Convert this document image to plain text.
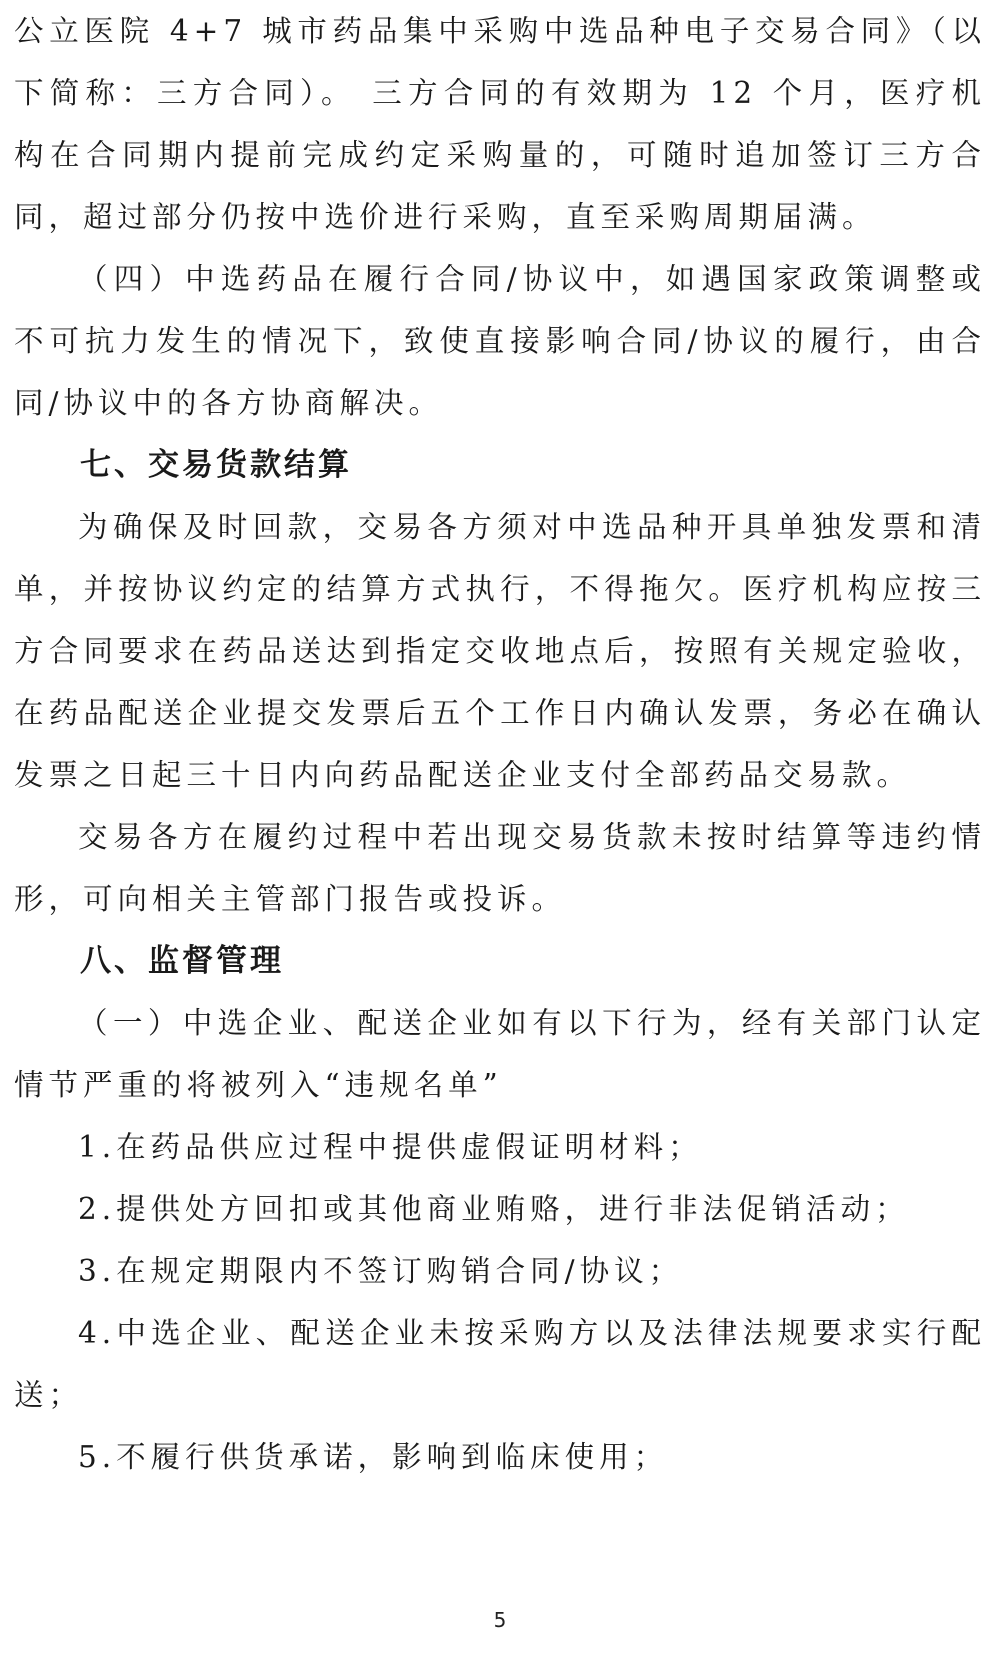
公立医院 4+7 城市药品集中采购中选品种电子交易合同》（以下简称：三方合同）。 三方合同的有效期为 12 个月，医疗机构在合同期内提前完成约定采购量的，可随时追加签订三方合同，超过部分仍按中选价进行采购，直至采购周期届满。

（四）中选药品在履行合同/协议中，如遇国家政策调整或不可抗力发生的情况下，致使直接影响合同/协议的履行，由合同/协议中的各方协商解决。

七、交易货款结算

为确保及时回款，交易各方须对中选品种开具单独发票和清单，并按协议约定的结算方式执行，不得拖欠。医疗机构应按三方合同要求在药品送达到指定交收地点后，按照有关规定验收，在药品配送企业提交发票后五个工作日内确认发票，务必在确认发票之日起三十日内向药品配送企业支付全部药品交易款。

交易各方在履约过程中若出现交易货款未按时结算等违约情形，可向相关主管部门报告或投诉。

八、监督管理

（一）中选企业、配送企业如有以下行为，经有关部门认定情节严重的将被列入“违规名单”

1.在药品供应过程中提供虚假证明材料；

2.提供处方回扣或其他商业贿赂，进行非法促销活动；

3.在规定期限内不签订购销合同/协议；

4.中选企业、配送企业未按采购方以及法律法规要求实行配送；

5.不履行供货承诺，影响到临床使用；

5
